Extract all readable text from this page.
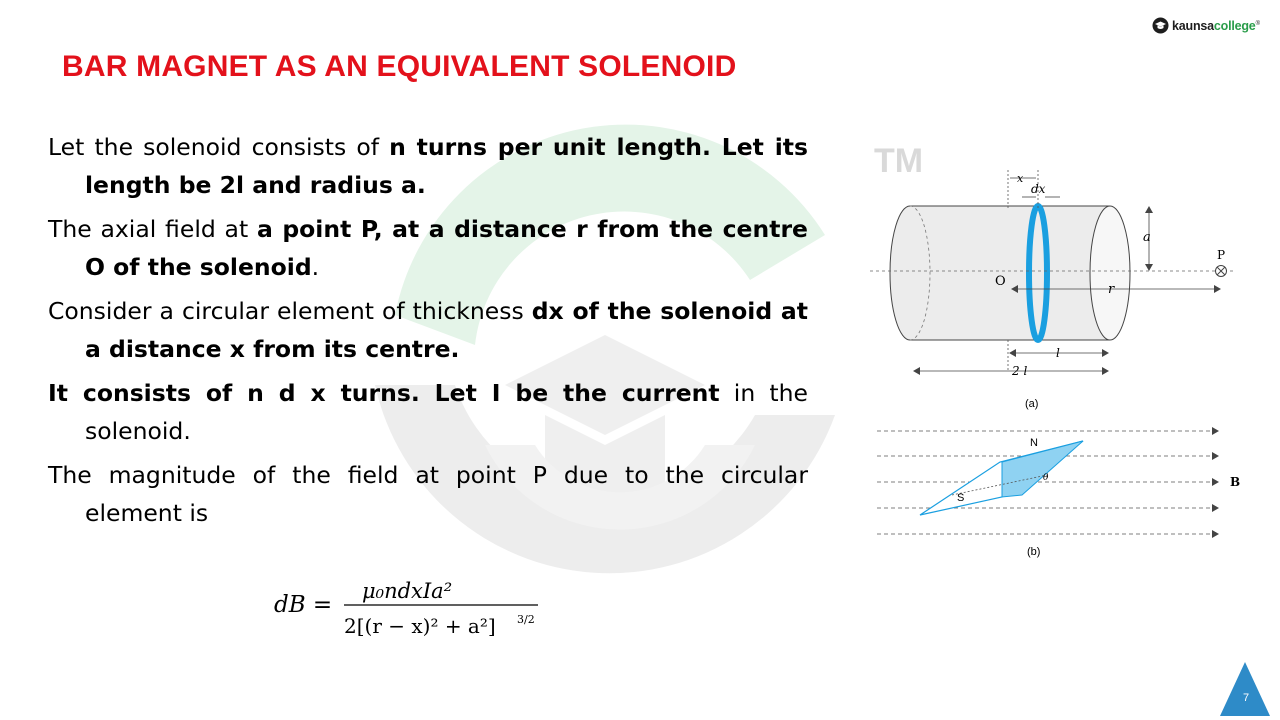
TM
kaunsacollege®
BAR MAGNET AS AN EQUIVALENT SOLENOID

Let the solenoid consists of n turns per unit length. Let its length be 2l and radius a.

The axial field at a point P, at a distance r from the centre O of the solenoid.

Consider a circular element of thickness dx of the solenoid at a distance x from its centre.

It consists of n d x turns. Let I be the current in the solenoid.

The magnitude of the field at point P due to the circular element is

dB =
μ₀ndxIa²
2[(r − x)² + a²] 3/2
O
x
dx
a
P
r
l
2 l
(a)
N
S
θ	B
(b)
7
